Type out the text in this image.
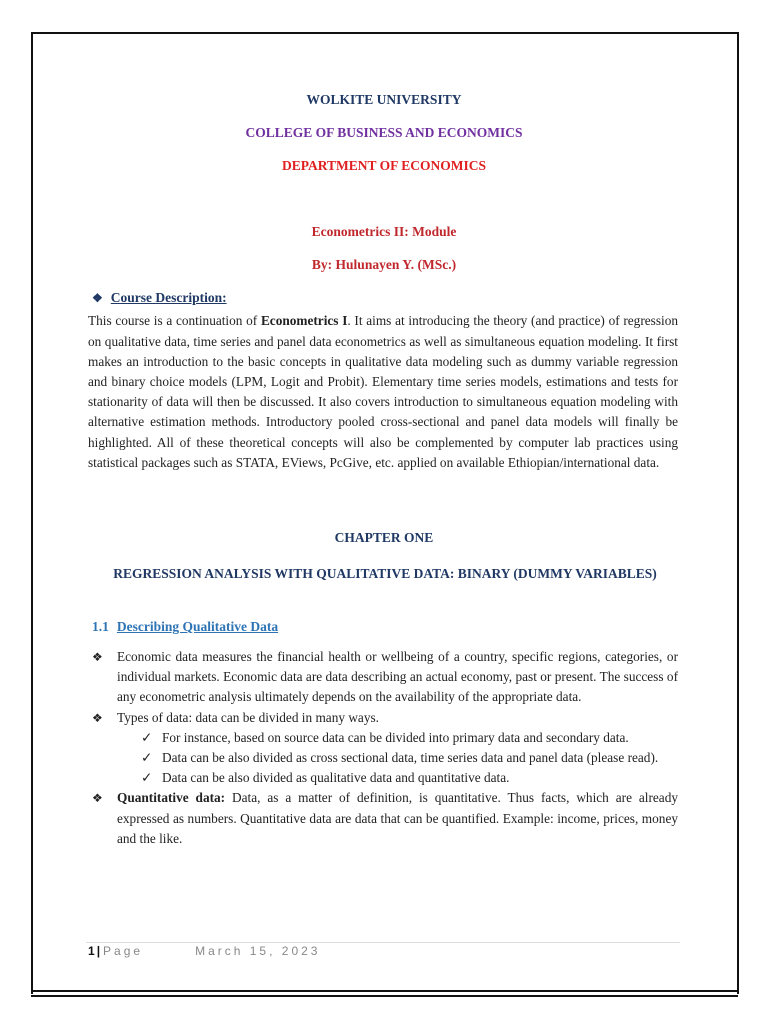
WOLKITE UNIVERSITY
COLLEGE OF BUSINESS AND ECONOMICS
DEPARTMENT OF ECONOMICS
Econometrics II: Module
By: Hulunayen Y. (MSc.)
❖ Course Description:

This course is a continuation of Econometrics I. It aims at introducing the theory (and practice) of regression on qualitative data, time series and panel data econometrics as well as simultaneous equation modeling. It first makes an introduction to the basic concepts in qualitative data modeling such as dummy variable regression and binary choice models (LPM, Logit and Probit). Elementary time series models, estimations and tests for stationarity of data will then be discussed. It also covers introduction to simultaneous equation modeling with alternative estimation methods. Introductory pooled cross-sectional and panel data models will finally be highlighted. All of these theoretical concepts will also be complemented by computer lab practices using statistical packages such as STATA, EViews, PcGive, etc. applied on available Ethiopian/international data.

CHAPTER ONE
REGRESSION ANALYSIS WITH QUALITATIVE DATA: BINARY (DUMMY VARIABLES)
1.1 Describing Qualitative Data
❖ Economic data measures the financial health or wellbeing of a country, specific regions, categories, or individual markets. Economic data are data describing an actual economy, past or present. The success of any econometric analysis ultimately depends on the availability of the appropriate data.
❖ Types of data: data can be divided in many ways.
✓ For instance, based on source data can be divided into primary data and secondary data.
✓ Data can be also divided as cross sectional data, time series data and panel data (please read).
✓ Data can be also divided as qualitative data and quantitative data.
❖ Quantitative data: Data, as a matter of definition, is quantitative. Thus facts, which are already expressed as numbers. Quantitative data are data that can be quantified. Example: income, prices, money and the like.
1 | Page	March 15, 2023
